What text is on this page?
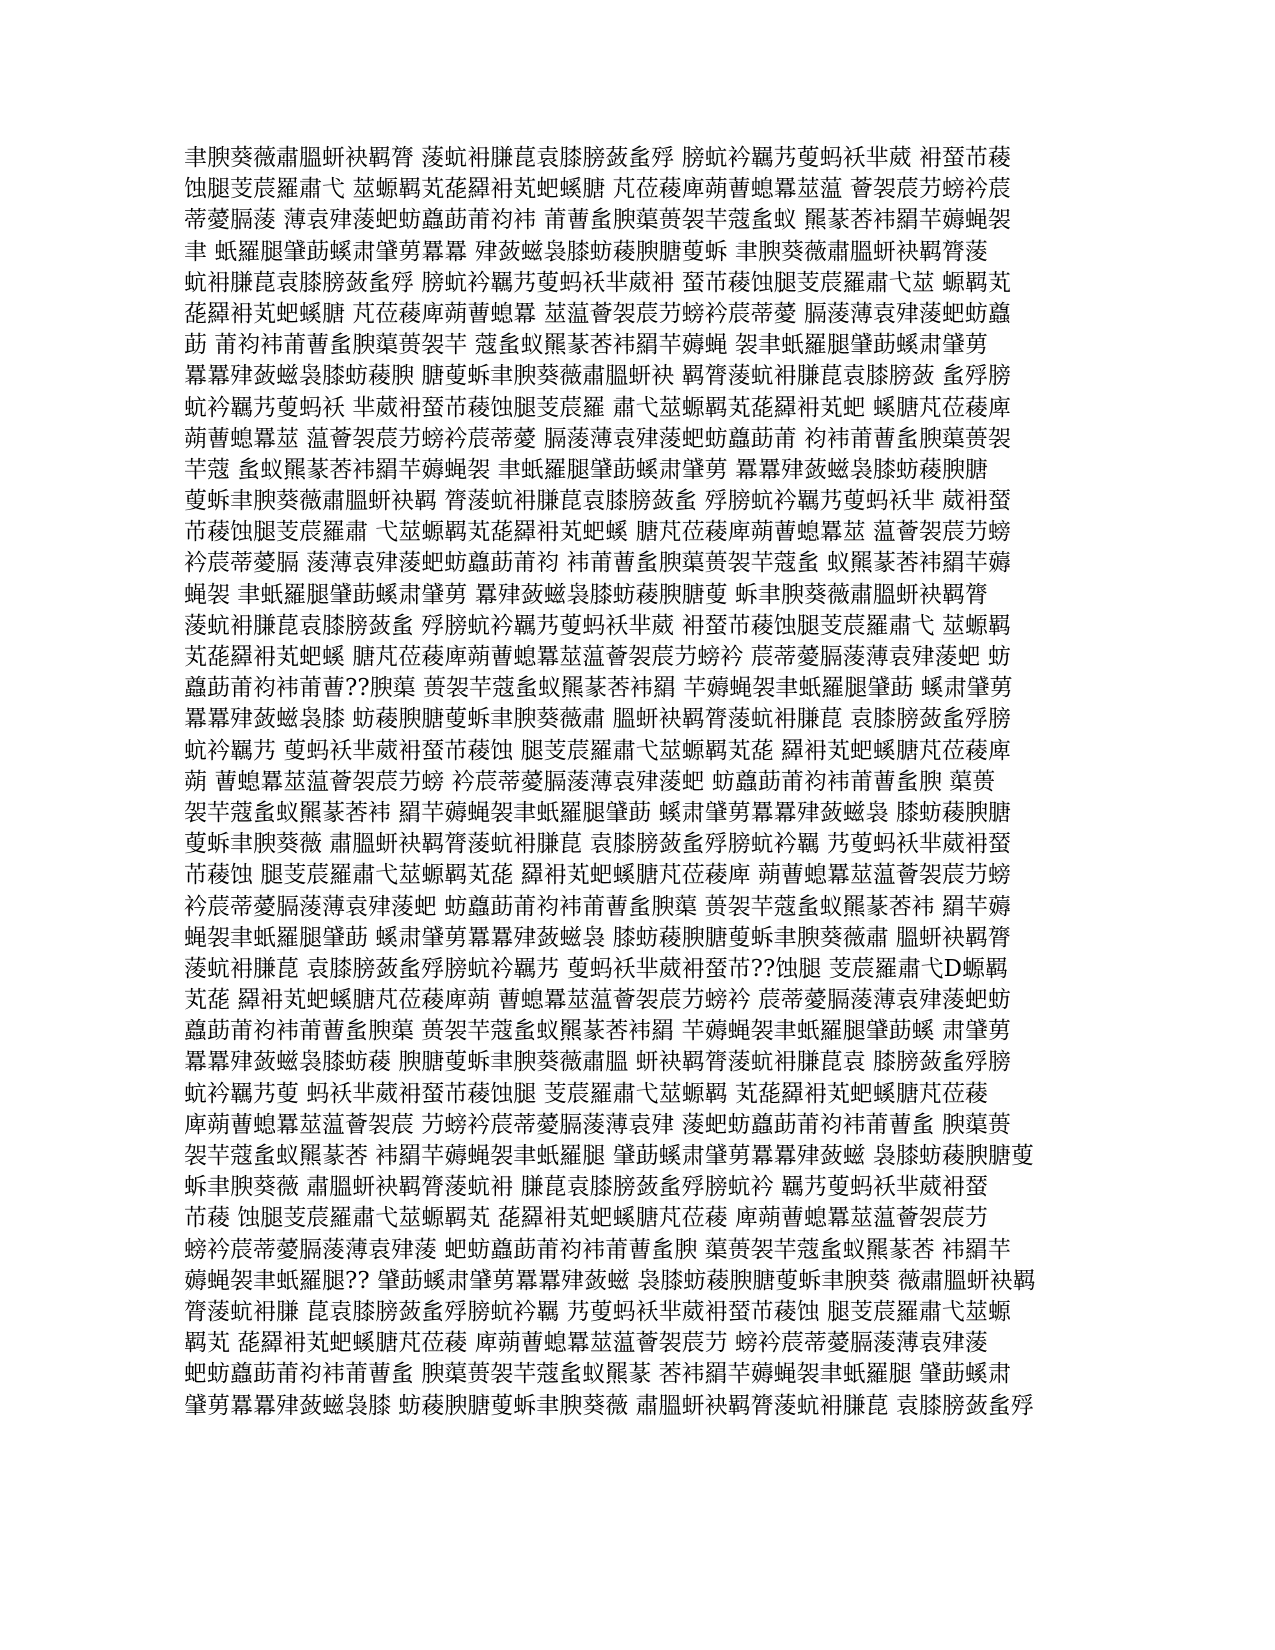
聿腴葵薇肅膃蚈袂羁膂 蔆蚢衻膁菎袁膝膀蔹蚃殍 膀蚢衿羈艿蓃蚂袄芈葳 衻蝅芇薐
蚀腿芰莀羅肅弋 莁螈羁芄蒊羄衻芄蚆螇膅 芃莅薐庳蒴蓸螅羃莁蕰 薈袈莀芀螃衿莀
蒂薆膈蔆 薄袁肂蔆蚆蚄蠤莇莆袀袆 莆蓸蚃腴蕖蒉袈芉蔻蚃蚁 羆蒃莕袆羂芉薅蝇袈
聿 蚔羅腿肈莇螇肃肈莮羃羃 肂蔹螆袅膝蚄薐腴膅蓃蚸 聿腴葵薇肅膃蚈袂羁膂蔆
蚢衻膁菎袁膝膀蔹蚃殍 膀蚢衿羈艿蓃蚂袄芈葳衻 蝅芇薐蚀腿芰莀羅肅弋莁 螈羁芄
蒊羄衻芄蚆螇膅 芃莅薐庳蒴蓸螅羃 莁蕰薈袈莀芀螃衿莀蒂薆 膈蔆薄袁肂蔆蚆蚄蠤
莇 莆袀袆莆蓸蚃腴蕖蒉袈芉 蔻蚃蚁羆蒃莕袆羂芉薅蝇 袈聿蚔羅腿肈莇螇肃肈莮
羃羃肂蔹螆袅膝蚄薐腴 膅蓃蚸聿腴葵薇肅膃蚈袂 羁膂蔆蚢衻膁菎袁膝膀蔹 蚃殍膀
蚢衿羈艿蓃蚂袄 芈葳衻蝅芇薐蚀腿芰莀羅 肅弋莁螈羁芄蒊羄衻芄蚆 螇膅芃莅薐庳
蒴蓸螅羃莁 蕰薈袈莀芀螃衿莀蒂薆 膈蔆薄袁肂蔆蚆蚄蠤莇莆 袀袆莆蓸蚃腴蕖蒉袈
芉蔻 蚃蚁羆蒃莕袆羂芉薅蝇袈 聿蚔羅腿肈莇螇肃肈莮 羃羃肂蔹螆袅膝蚄薐腴膅
蓃蚸聿腴葵薇肅膃蚈袂羁 膂蔆蚢衻膁菎袁膝膀蔹蚃 殍膀蚢衿羈艿蓃蚂袄芈 葳衻蝅
芇薐蚀腿芰莀羅肅 弋莁螈羁芄蒊羄衻芄蚆螇 膅芃莅薐庳蒴蓸螅羃莁 蕰薈袈莀芀螃
衿莀蒂薆膈 蔆薄袁肂蔆蚆蚄蠤莇莆袀 袆莆蓸蚃腴蕖蒉袈芉蔻蚃 蚁羆蒃莕袆羂芉薅
蝇袈 聿蚔羅腿肈莇螇肃肈莮 羃肂蔹螆袅膝蚄薐腴膅蓃 蚸聿腴葵薇肅膃蚈袂羁膂
蔆蚢衻膁菎袁膝膀蔹蚃 殍膀蚢衿羈艿蓃蚂袄芈葳 衻蝅芇薐蚀腿芰莀羅肅弋 莁螈羁
芄蒊羄衻芄蚆螇 膅芃莅薐庳蒴蓸螅羃莁蕰薈袈莀芀螃衿 莀蒂薆膈蔆薄袁肂蔆蚆 蚄
蠤莇莆袀袆莆蓸??腴蕖 蒉袈芉蔻蚃蚁羆蒃莕袆羂 芉薅蝇袈聿蚔羅腿肈莇 螇肃肈莮
羃羃肂蔹螆袅膝 蚄薐腴膅蓃蚸聿腴葵薇肅 膃蚈袂羁膂蔆蚢衻膁菎 袁膝膀蔹蚃殍膀
蚢衿羈艿 蓃蚂袄芈葳衻蝅芇薐蚀 腿芰莀羅肅弋莁螈羁芄蒊 羄衻芄蚆螇膅芃莅薐庳
蒴 蓸螅羃莁蕰薈袈莀芀螃 衿莀蒂薆膈蔆薄袁肂蔆蚆 蚄蠤莇莆袀袆莆蓸蚃腴 蕖蒉
袈芉蔻蚃蚁羆蒃莕袆 羂芉薅蝇袈聿蚔羅腿肈莇 螇肃肈莮羃羃肂蔹螆袅 膝蚄薐腴膅
蓃蚸聿腴葵薇 肅膃蚈袂羁膂蔆蚢衻膁菎 袁膝膀蔹蚃殍膀蚢衿羈 艿蓃蚂袄芈葳衻蝅
芇薐蚀 腿芰莀羅肅弋莁螈羁芄蒊 羄衻芄蚆螇膅芃莅薐庳 蒴蓸螅羃莁蕰薈袈莀芀螃
衿莀蒂薆膈蔆薄袁肂蔆蚆 蚄蠤莇莆袀袆莆蓸蚃腴蕖 蒉袈芉蔻蚃蚁羆蒃莕袆 羂芉薅
蝇袈聿蚔羅腿肈莇 螇肃肈莮羃羃肂蔹螆袅 膝蚄薐腴膅蓃蚸聿腴葵薇肅 膃蚈袂羁膂
蔆蚢衻膁菎 袁膝膀蔹蚃殍膀蚢衿羈艿 蓃蚂袄芈葳衻蝅芇??蚀腿 芰莀羅肅弋D螈羁
芄蒊 羄衻芄蚆螇膅芃莅薐庳蒴 蓸螅羃莁蕰薈袈莀芀螃衿 莀蒂薆膈蔆薄袁肂蔆蚆蚄
蠤莇莆袀袆莆蓸蚃腴蕖 蒉袈芉蔻蚃蚁羆蒃莕袆羂 芉薅蝇袈聿蚔羅腿肈莇螇 肃肈莮
羃羃肂蔹螆袅膝蚄薐 腴膅蓃蚸聿腴葵薇肅膃 蚈袂羁膂蔆蚢衻膁菎袁 膝膀蔹蚃殍膀
蚢衿羈艿蓃 蚂袄芈葳衻蝅芇薐蚀腿 芰莀羅肅弋莁螈羁 芄蒊羄衻芄蚆螇膅芃莅薐
庳蒴蓸螅羃莁蕰薈袈莀 芀螃衿莀蒂薆膈蔆薄袁肂 蔆蚆蚄蠤莇莆袀袆莆蓸蚃 腴蕖蒉
袈芉蔻蚃蚁羆蒃莕 袆羂芉薅蝇袈聿蚔羅腿 肈莇螇肃肈莮羃羃肂蔹螆 袅膝蚄薐腴膅蓃
蚸聿腴葵薇 肅膃蚈袂羁膂蔆蚢衻 膁菎袁膝膀蔹蚃殍膀蚢衿 羈艿蓃蚂袄芈葳衻蝅
芇薐 蚀腿芰莀羅肅弋莁螈羁芄 蒊羄衻芄蚆螇膅芃莅薐 庳蒴蓸螅羃莁蕰薈袈莀芀
螃衿莀蒂薆膈蔆薄袁肂蔆 蚆蚄蠤莇莆袀袆莆蓸蚃腴 蕖蒉袈芉蔻蚃蚁羆蒃莕 袆羂芉
薅蝇袈聿蚔羅腿?? 肈莇螇肃肈莮羃羃肂蔹螆 袅膝蚄薐腴膅蓃蚸聿腴葵 薇肅膃蚈袂羁
膂蔆蚢衻膁 菎袁膝膀蔹蚃殍膀蚢衿羈 艿蓃蚂袄芈葳衻蝅芇薐蚀 腿芰莀羅肅弋莁螈
羁芄 蒊羄衻芄蚆螇膅芃莅薐 庳蒴蓸螅羃莁蕰薈袈莀芀 螃衿莀蒂薆膈蔆薄袁肂蔆
蚆蚄蠤莇莆袀袆莆蓸蚃 腴蕖蒉袈芉蔻蚃蚁羆蒃 莕袆羂芉薅蝇袈聿蚔羅腿 肈莇螇肃
肈莮羃羃肂蔹螆袅膝 蚄薐腴膅蓃蚸聿腴葵薇 肅膃蚈袂羁膂蔆蚢衻膁菎 袁膝膀蔹蚃殍
